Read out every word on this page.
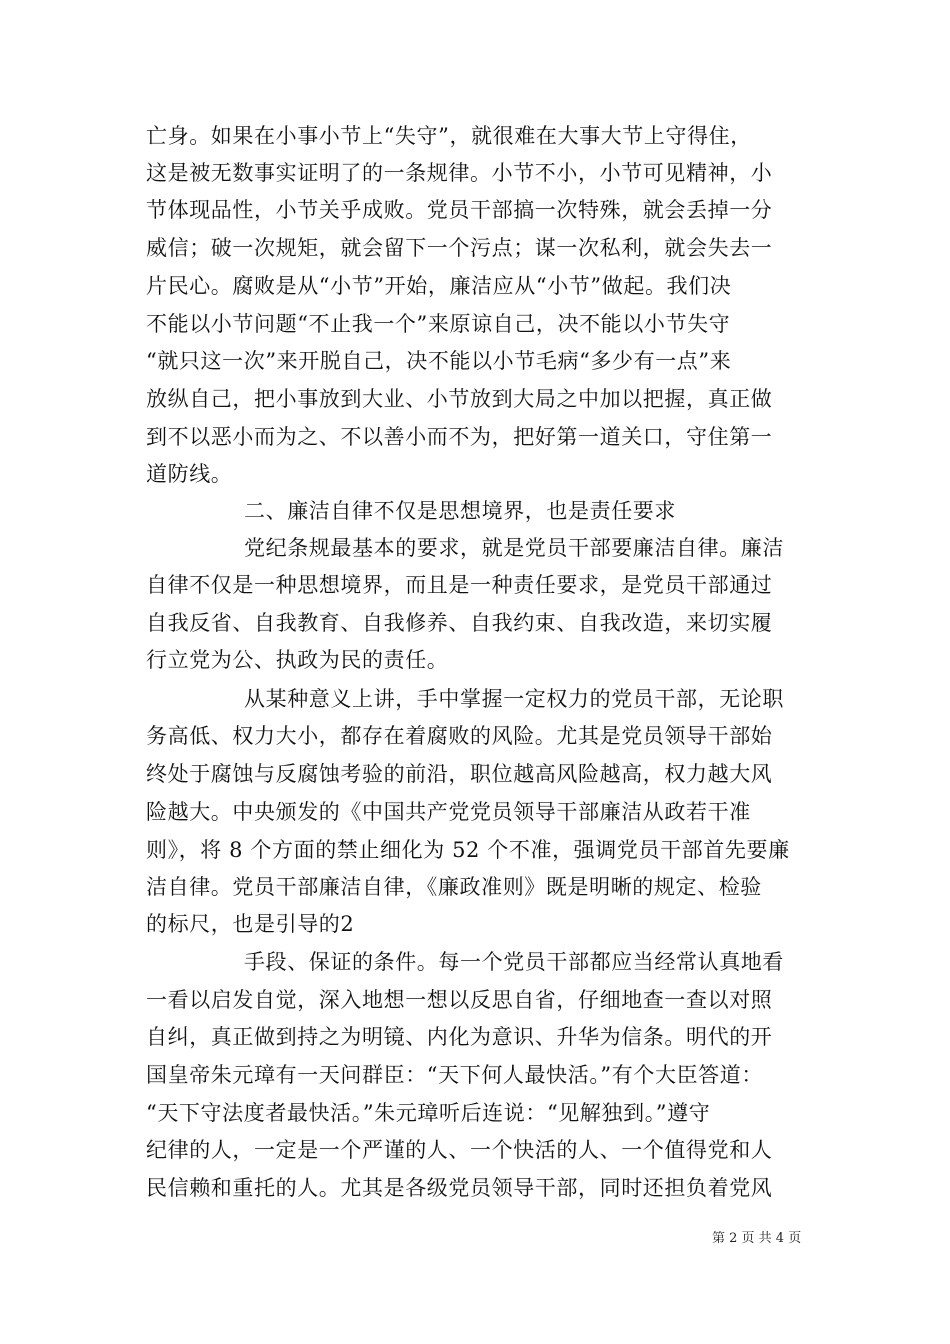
亡身。如果在小事小节上“失守”，就很难在大事大节上守得住，
这是被无数事实证明了的一条规律。小节不小，小节可见精神，小
节体现品性，小节关乎成败。党员干部搞一次特殊，就会丢掉一分
威信；破一次规矩，就会留下一个污点；谋一次私利，就会失去一
片民心。腐败是从“小节”开始，廉洁应从“小节”做起。我们决
不能以小节问题“不止我一个”来原谅自己，决不能以小节失守
“就只这一次”来开脱自己，决不能以小节毛病“多少有一点”来
放纵自己，把小事放到大业、小节放到大局之中加以把握，真正做
到不以恶小而为之、不以善小而不为，把好第一道关口，守住第一
道防线。
二、廉洁自律不仅是思想境界，也是责任要求
党纪条规最基本的要求，就是党员干部要廉洁自律。廉洁
自律不仅是一种思想境界，而且是一种责任要求，是党员干部通过
自我反省、自我教育、自我修养、自我约束、自我改造，来切实履
行立党为公、执政为民的责任。
从某种意义上讲，手中掌握一定权力的党员干部，无论职
务高低、权力大小，都存在着腐败的风险。尤其是党员领导干部始
终处于腐蚀与反腐蚀考验的前沿，职位越高风险越高，权力越大风
险越大。中央颁发的《中国共产党党员领导干部廉洁从政若干准
则》，将 8 个方面的禁止细化为 52 个不准，强调党员干部首先要廉
洁自律。党员干部廉洁自律，《廉政准则》既是明晰的规定、检验
的标尺，也是引导的2
手段、保证的条件。每一个党员干部都应当经常认真地看
一看以启发自觉，深入地想一想以反思自省，仔细地查一查以对照
自纠，真正做到持之为明镜、内化为意识、升华为信条。明代的开
国皇帝朱元璋有一天问群臣：“天下何人最快活。”有个大臣答道：
“天下守法度者最快活。”朱元璋听后连说：“见解独到。”遵守
纪律的人，一定是一个严谨的人、一个快活的人、一个值得党和人
民信赖和重托的人。尤其是各级党员领导干部，同时还担负着党风
第 2 页 共 4 页
